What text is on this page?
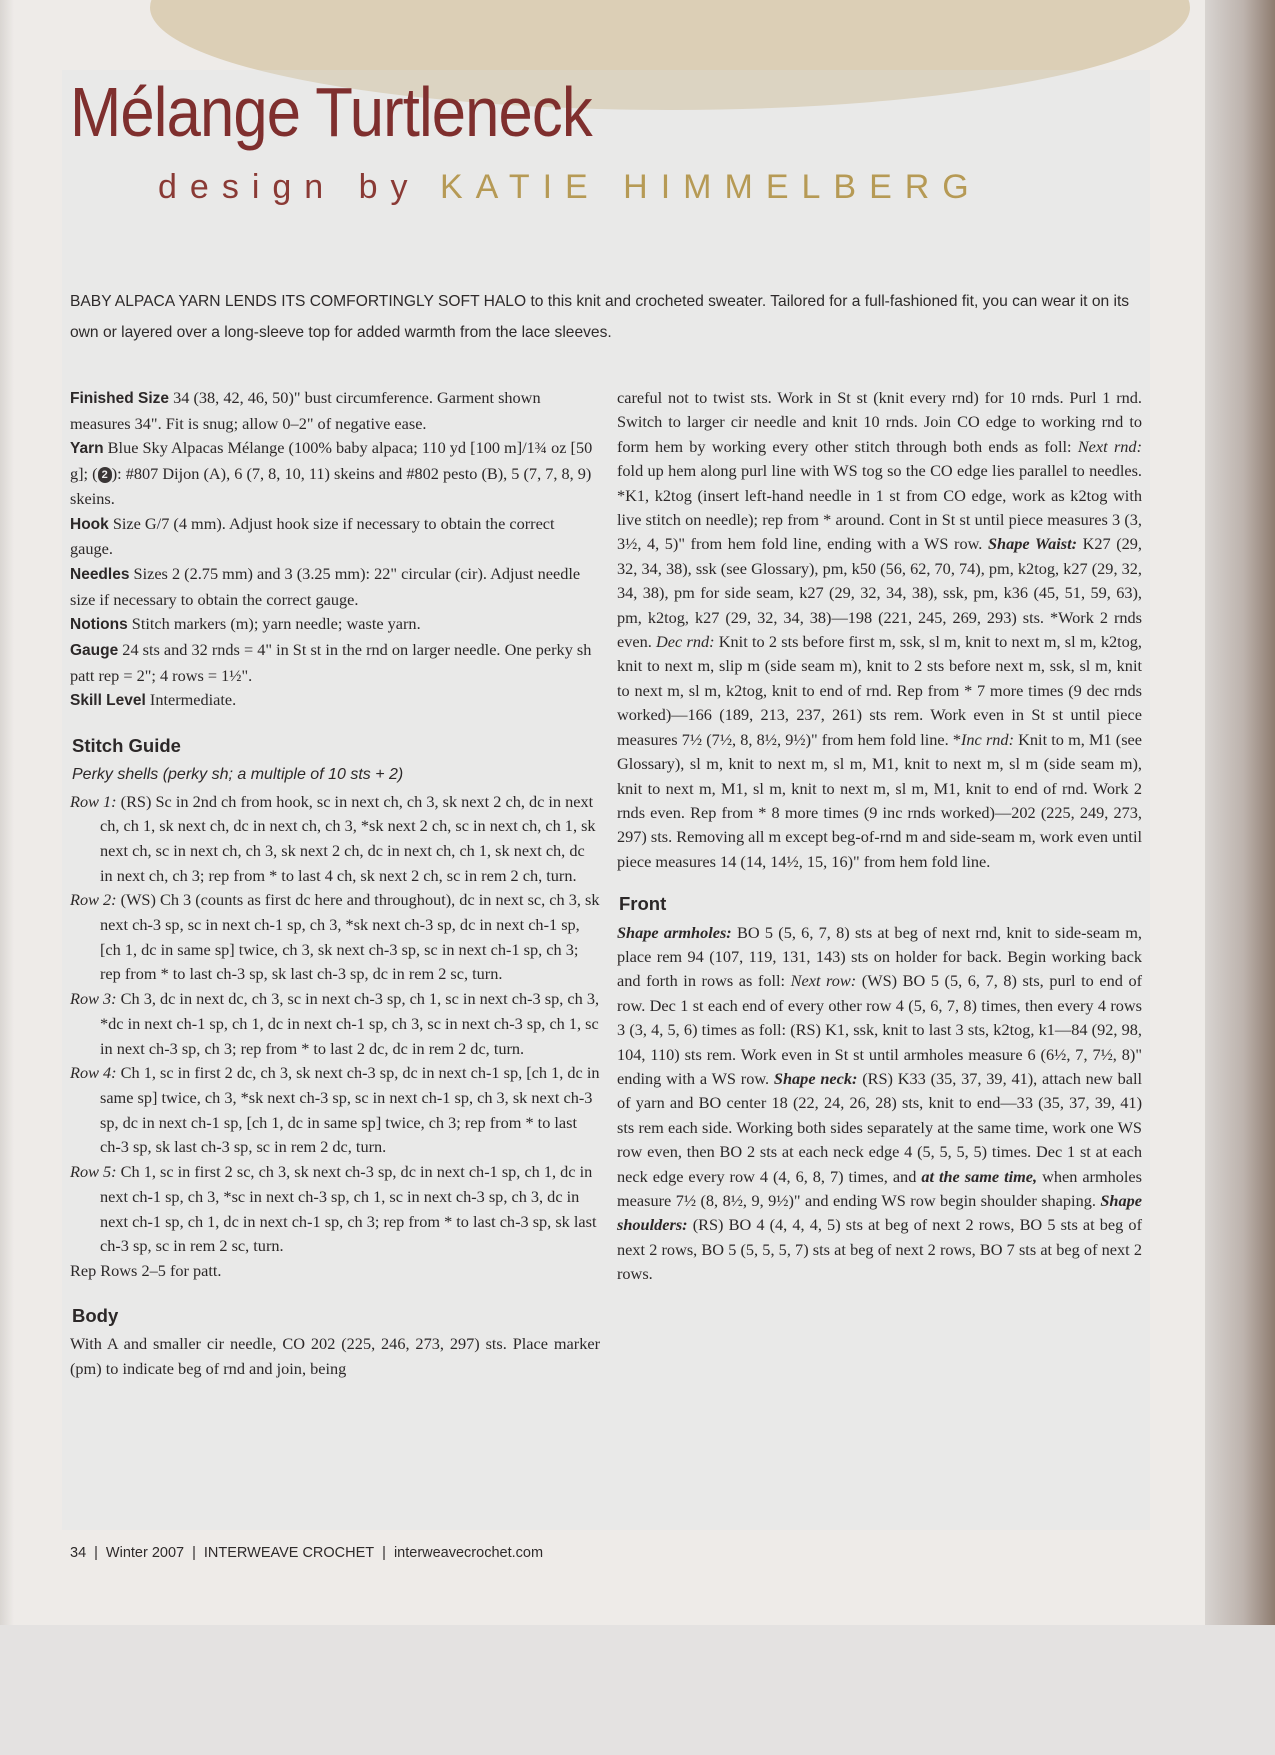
Mélange Turtleneck
design by KATIE HIMMELBERG
BABY ALPACA YARN LENDS ITS COMFORTINGLY SOFT HALO to this knit and crocheted sweater. Tailored for a full-fashioned fit, you can wear it on its own or layered over a long-sleeve top for added warmth from the lace sleeves.

Finished Size 34 (38, 42, 46, 50)" bust circumference. Garment shown measures 34". Fit is snug; allow 0–2" of negative ease.

Yarn Blue Sky Alpacas Mélange (100% baby alpaca; 110 yd [100 m]/1¾ oz [50 g]; ( 2 ): #807 Dijon (A), 6 (7, 8, 10, 11) skeins and #802 pesto (B), 5 (7, 7, 8, 9) skeins.

Hook Size G/7 (4 mm). Adjust hook size if necessary to obtain the correct gauge.

Needles Sizes 2 (2.75 mm) and 3 (3.25 mm): 22" circular (cir). Adjust needle size if necessary to obtain the correct gauge.

Notions Stitch markers (m); yarn needle; waste yarn.

Gauge 24 sts and 32 rnds = 4" in St st in the rnd on larger needle. One perky sh patt rep = 2"; 4 rows = 1½".

Skill Level Intermediate.

Stitch Guide
Perky shells (perky sh; a multiple of 10 sts + 2)

Row 1: (RS) Sc in 2nd ch from hook, sc in next ch, ch 3, sk next 2 ch, dc in next ch, ch 1, sk next ch, dc in next ch, ch 3, *sk next 2 ch, sc in next ch, ch 1, sk next ch, sc in next ch, ch 3, sk next 2 ch, dc in next ch, ch 1, sk next ch, dc in next ch, ch 3; rep from * to last 4 ch, sk next 2 ch, sc in rem 2 ch, turn.

Row 2: (WS) Ch 3 (counts as first dc here and throughout), dc in next sc, ch 3, sk next ch-3 sp, sc in next ch-1 sp, ch 3, *sk next ch-3 sp, dc in next ch-1 sp, [ch 1, dc in same sp] twice, ch 3, sk next ch-3 sp, sc in next ch-1 sp, ch 3; rep from * to last ch-3 sp, sk last ch-3 sp, dc in rem 2 sc, turn.

Row 3: Ch 3, dc in next dc, ch 3, sc in next ch-3 sp, ch 1, sc in next ch-3 sp, ch 3, *dc in next ch-1 sp, ch 1, dc in next ch-1 sp, ch 3, sc in next ch-3 sp, ch 1, sc in next ch-3 sp, ch 3; rep from * to last 2 dc, dc in rem 2 dc, turn.

Row 4: Ch 1, sc in first 2 dc, ch 3, sk next ch-3 sp, dc in next ch-1 sp, [ch 1, dc in same sp] twice, ch 3, *sk next ch-3 sp, sc in next ch-1 sp, ch 3, sk next ch-3 sp, dc in next ch-1 sp, [ch 1, dc in same sp] twice, ch 3; rep from * to last ch-3 sp, sk last ch-3 sp, sc in rem 2 dc, turn.

Row 5: Ch 1, sc in first 2 sc, ch 3, sk next ch-3 sp, dc in next ch-1 sp, ch 1, dc in next ch-1 sp, ch 3, *sc in next ch-3 sp, ch 1, sc in next ch-3 sp, ch 3, dc in next ch-1 sp, ch 1, dc in next ch-1 sp, ch 3; rep from * to last ch-3 sp, sk last ch-3 sp, sc in rem 2 sc, turn.

Rep Rows 2–5 for patt.

Body

With A and smaller cir needle, CO 202 (225, 246, 273, 297) sts. Place marker (pm) to indicate beg of rnd and join, being

careful not to twist sts. Work in St st (knit every rnd) for 10 rnds. Purl 1 rnd. Switch to larger cir needle and knit 10 rnds. Join CO edge to working rnd to form hem by working every other stitch through both ends as foll: Next rnd: fold up hem along purl line with WS tog so the CO edge lies parallel to needles. *K1, k2tog (insert left-hand needle in 1 st from CO edge, work as k2tog with live stitch on needle); rep from * around. Cont in St st until piece measures 3 (3, 3½, 4, 5)" from hem fold line, ending with a WS row. Shape Waist: K27 (29, 32, 34, 38), ssk (see Glossary), pm, k50 (56, 62, 70, 74), pm, k2tog, k27 (29, 32, 34, 38), pm for side seam, k27 (29, 32, 34, 38), ssk, pm, k36 (45, 51, 59, 63), pm, k2tog, k27 (29, 32, 34, 38)—198 (221, 245, 269, 293) sts. *Work 2 rnds even. Dec rnd: Knit to 2 sts before first m, ssk, sl m, knit to next m, sl m, k2tog, knit to next m, slip m (side seam m), knit to 2 sts before next m, ssk, sl m, knit to next m, sl m, k2tog, knit to end of rnd. Rep from * 7 more times (9 dec rnds worked)—166 (189, 213, 237, 261) sts rem. Work even in St st until piece measures 7½ (7½, 8, 8½, 9½)" from hem fold line. *Inc rnd: Knit to m, M1 (see Glossary), sl m, knit to next m, sl m, M1, knit to next m, sl m (side seam m), knit to next m, M1, sl m, knit to next m, sl m, M1, knit to end of rnd. Work 2 rnds even. Rep from * 8 more times (9 inc rnds worked)—202 (225, 249, 273, 297) sts. Removing all m except beg-of-rnd m and side-seam m, work even until piece measures 14 (14, 14½, 15, 16)" from hem fold line.

Front

Shape armholes: BO 5 (5, 6, 7, 8) sts at beg of next rnd, knit to side-seam m, place rem 94 (107, 119, 131, 143) sts on holder for back. Begin working back and forth in rows as foll: Next row: (WS) BO 5 (5, 6, 7, 8) sts, purl to end of row. Dec 1 st each end of every other row 4 (5, 6, 7, 8) times, then every 4 rows 3 (3, 4, 5, 6) times as foll: (RS) K1, ssk, knit to last 3 sts, k2tog, k1—84 (92, 98, 104, 110) sts rem. Work even in St st until armholes measure 6 (6½, 7, 7½, 8)" ending with a WS row. Shape neck: (RS) K33 (35, 37, 39, 41), attach new ball of yarn and BO center 18 (22, 24, 26, 28) sts, knit to end—33 (35, 37, 39, 41) sts rem each side. Working both sides separately at the same time, work one WS row even, then BO 2 sts at each neck edge 4 (5, 5, 5, 5) times. Dec 1 st at each neck edge every row 4 (4, 6, 8, 7) times, and at the same time, when armholes measure 7½ (8, 8½, 9, 9½)" and ending WS row begin shoulder shaping. Shape shoulders: (RS) BO 4 (4, 4, 4, 5) sts at beg of next 2 rows, BO 5 sts at beg of next 2 rows, BO 5 (5, 5, 5, 7) sts at beg of next 2 rows, BO 7 sts at beg of next 2 rows.

34 | Winter 2007 | INTERWEAVE CROCHET | interweavecrochet.com
